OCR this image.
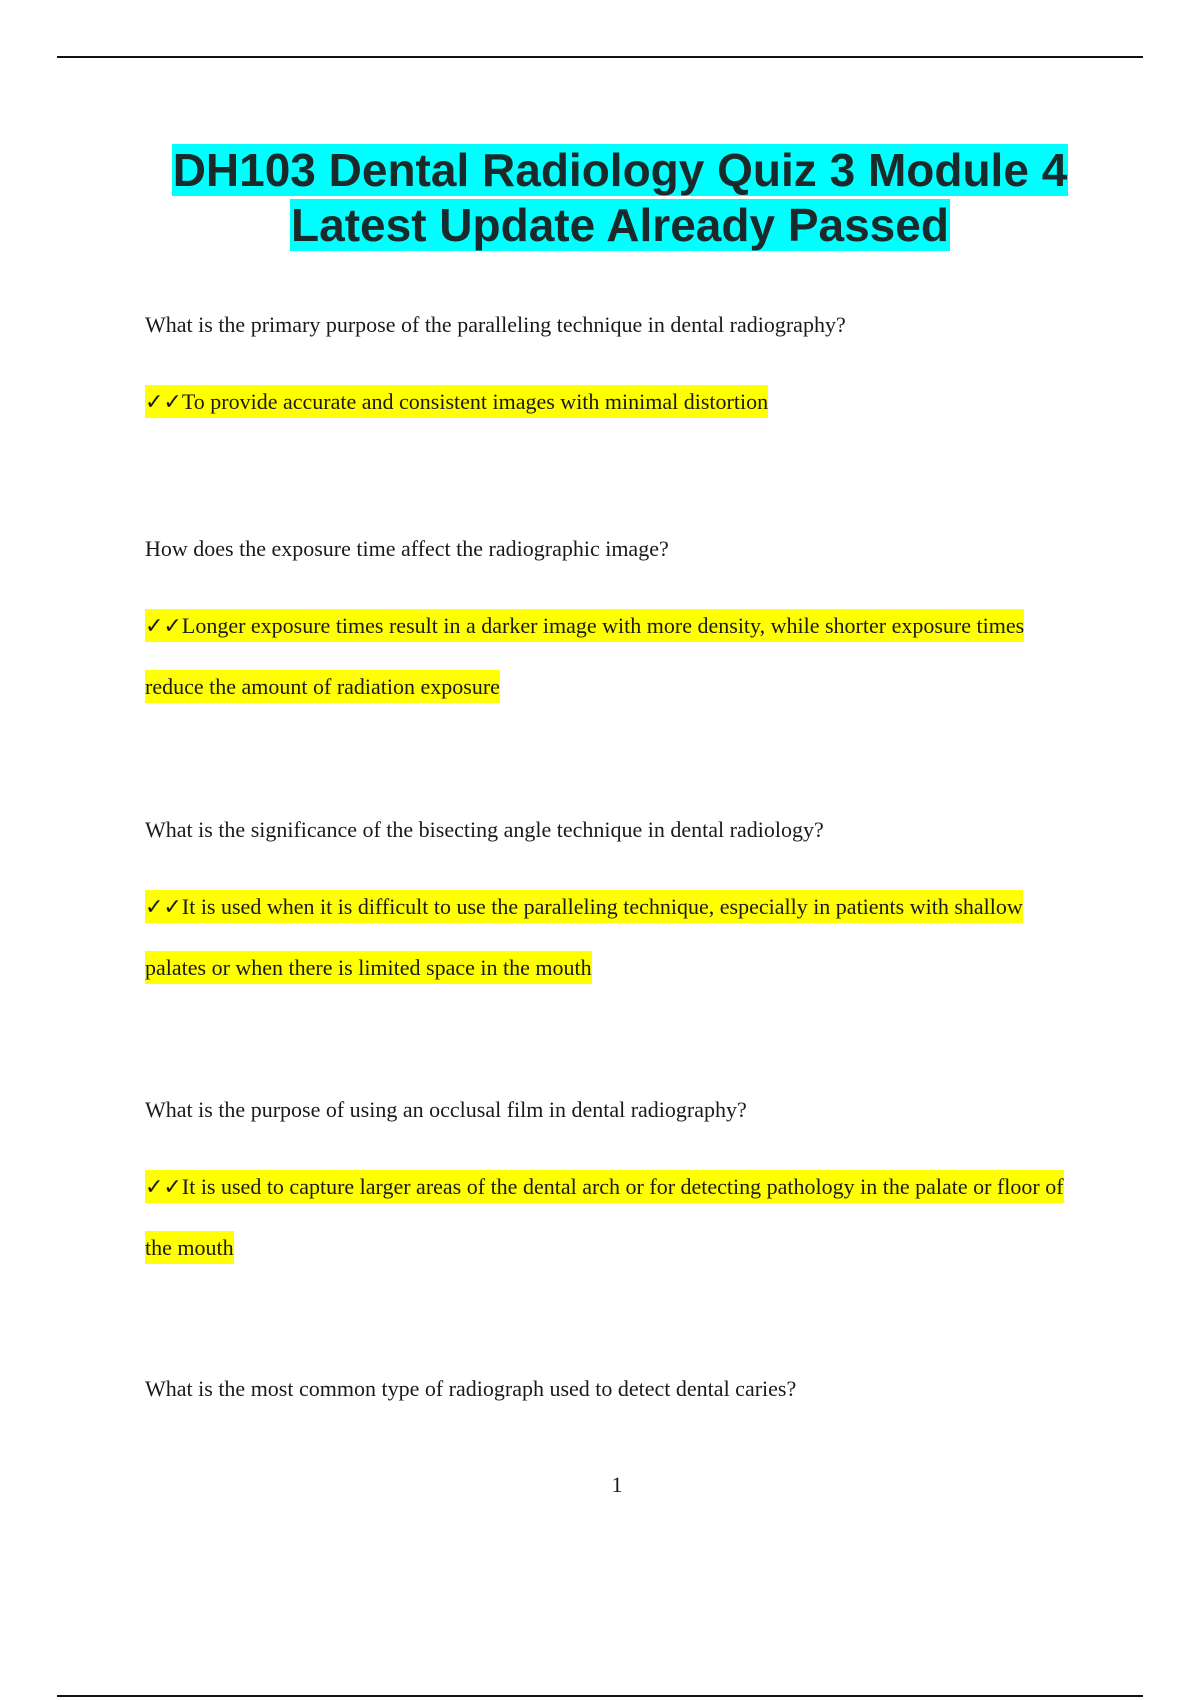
DH103 Dental Radiology Quiz 3 Module 4
Latest Update Already Passed

What is the primary purpose of the paralleling technique in dental radiography?

✓✓To provide accurate and consistent images with minimal distortion

How does the exposure time affect the radiographic image?

✓✓Longer exposure times result in a darker image with more density, while shorter exposure times reduce the amount of radiation exposure

What is the significance of the bisecting angle technique in dental radiology?

✓✓It is used when it is difficult to use the paralleling technique, especially in patients with shallow palates or when there is limited space in the mouth

What is the purpose of using an occlusal film in dental radiography?

✓✓It is used to capture larger areas of the dental arch or for detecting pathology in the palate or floor of the mouth

What is the most common type of radiograph used to detect dental caries?

1
